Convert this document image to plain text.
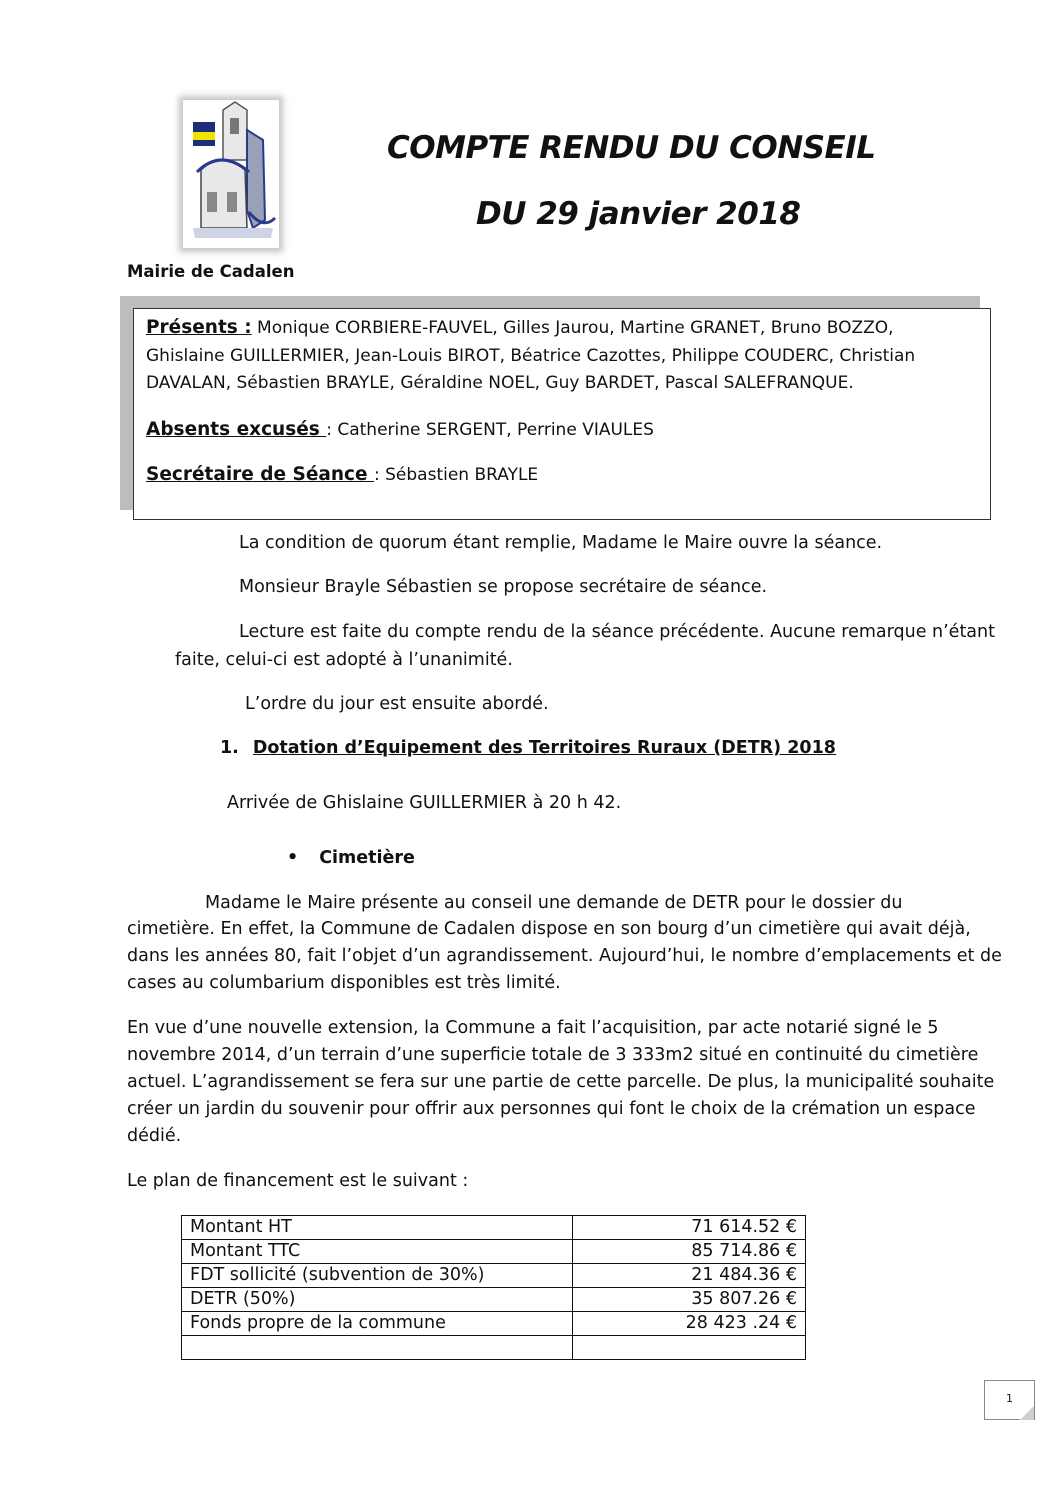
COMPTE RENDU DU CONSEIL
DU 29 janvier 2018
Mairie de Cadalen
Présents : Monique CORBIERE-FAUVEL, Gilles Jaurou, Martine GRANET, Bruno BOZZO,
Ghislaine GUILLERMIER, Jean-Louis BIROT, Béatrice Cazottes, Philippe COUDERC, Christian
DAVALAN, Sébastien BRAYLE, Géraldine NOEL, Guy BARDET, Pascal SALEFRANQUE.
Absents excusés : Catherine SERGENT, Perrine VIAULES
Secrétaire de Séance : Sébastien BRAYLE
La condition de quorum étant remplie, Madame le Maire ouvre la séance.
Monsieur Brayle Sébastien se propose secrétaire de séance.
Lecture est faite du compte rendu de la séance précédente. Aucune remarque n’étant
faite, celui-ci est adopté à l’unanimité.
L’ordre du jour est ensuite abordé.
1. Dotation d’Equipement des Territoires Ruraux (DETR) 2018
Arrivée de Ghislaine GUILLERMIER à 20 h 42.
• Cimetière
Madame le Maire présente au conseil une demande de DETR pour le dossier du
cimetière. En effet, la Commune de Cadalen dispose en son bourg d’un cimetière qui avait déjà,
dans les années 80, fait l’objet d’un agrandissement. Aujourd’hui, le nombre d’emplacements et de
cases au columbarium disponibles est très limité.
En vue d’une nouvelle extension, la Commune a fait l’acquisition, par acte notarié signé le 5
novembre 2014, d’un terrain d’une superficie totale de 3 333m2 situé en continuité du cimetière
actuel. L’agrandissement se fera sur une partie de cette parcelle. De plus, la municipalité souhaite
créer un jardin du souvenir pour offrir aux personnes qui font le choix de la crémation un espace
dédié.
Le plan de financement est le suivant :
Montant HT	71 614.52 €
Montant TTC	85 714.86 €
FDT sollicité (subvention de 30%)	21 484.36 €
DETR (50%)	35 807.26 €
Fonds propre de la commune	28 423 .24 €

1
